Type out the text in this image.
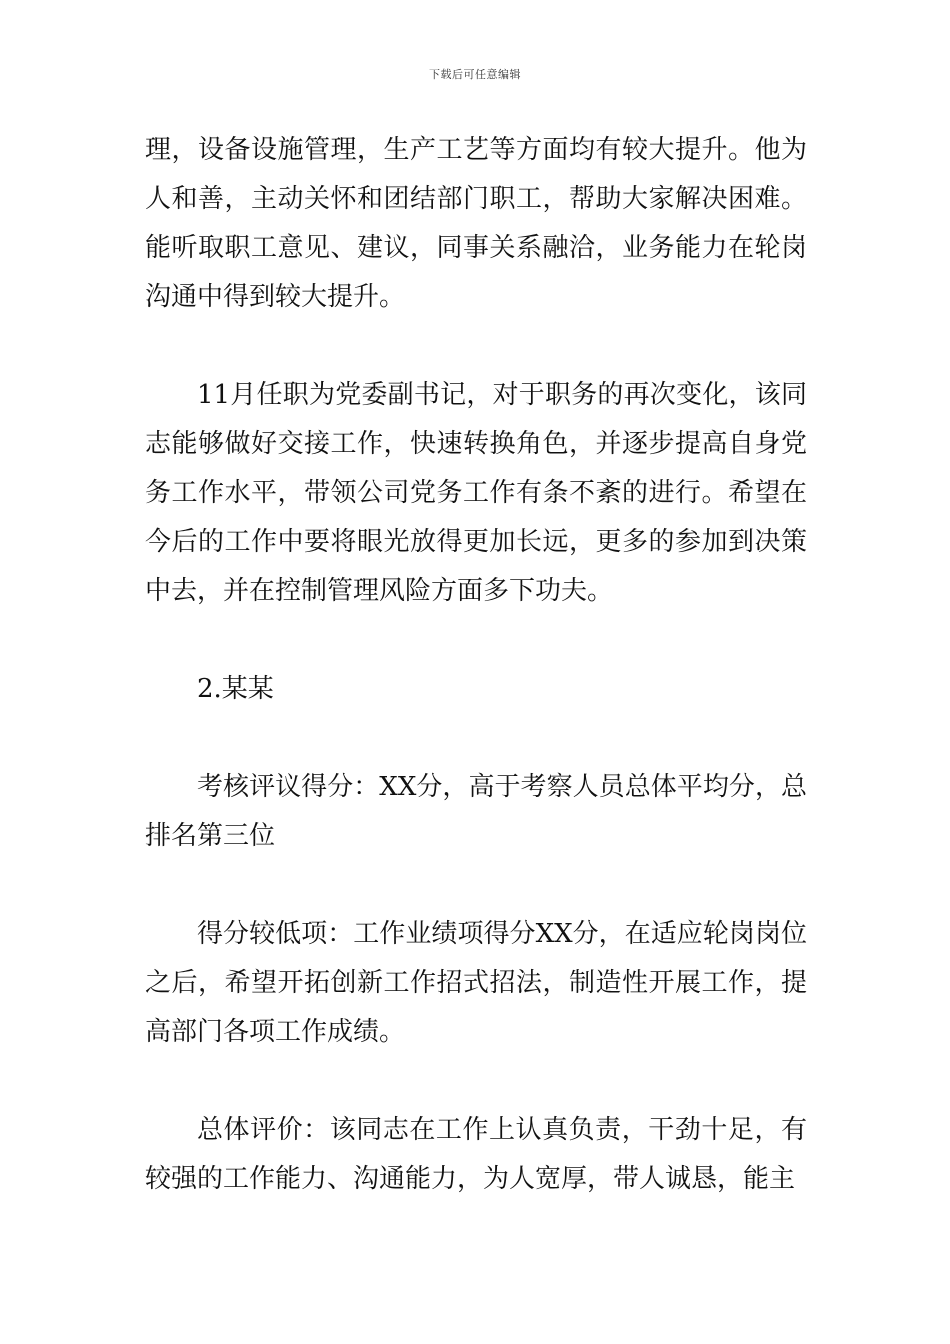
下载后可任意编辑

理，设备设施管理，生产工艺等方面均有较大提升。他为人和善，主动关怀和团结部门职工，帮助大家解决困难。能听取职工意见、建议，同事关系融洽，业务能力在轮岗沟通中得到较大提升。

11月任职为党委副书记，对于职务的再次变化，该同志能够做好交接工作，快速转换角色，并逐步提高自身党务工作水平，带领公司党务工作有条不紊的进行。希望在今后的工作中要将眼光放得更加长远，更多的参加到决策中去，并在控制管理风险方面多下功夫。

2.某某

考核评议得分：XX分，高于考察人员总体平均分，总排名第三位

得分较低项：工作业绩项得分XX分，在适应轮岗岗位之后，希望开拓创新工作招式招法，制造性开展工作，提高部门各项工作成绩。

总体评价：该同志在工作上认真负责，干劲十足，有较强的工作能力、沟通能力，为人宽厚，带人诚恳，能主
